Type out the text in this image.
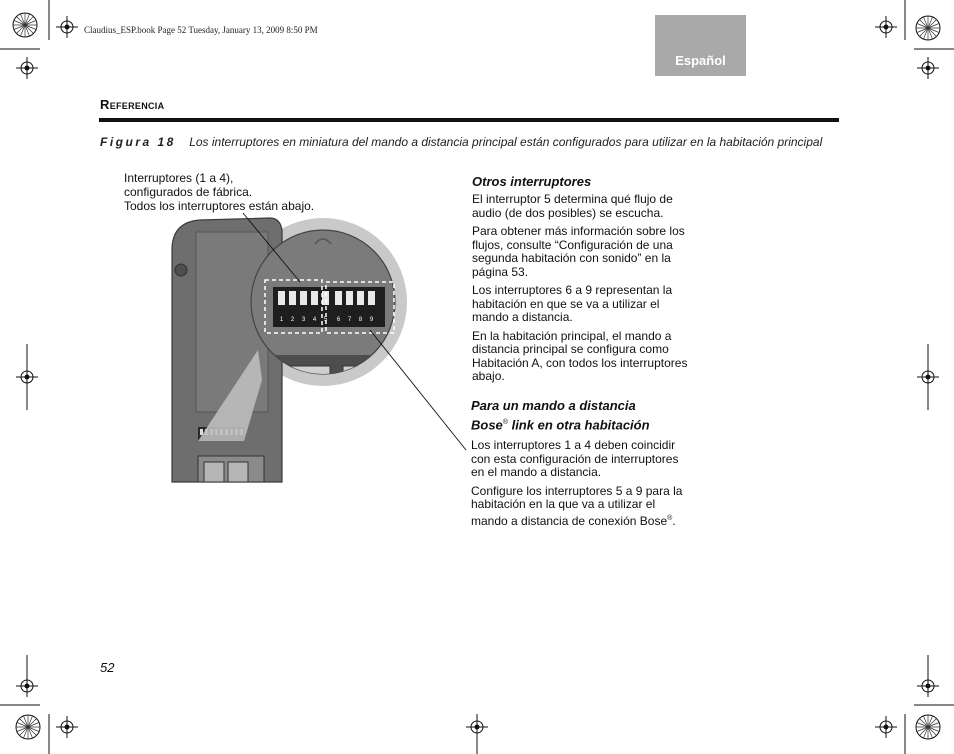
1 2 3 4 5 6 7 8 9
Claudius_ESP.book Page 52 Tuesday, January 13, 2009 8:50 PM
Español
Referencia
Figura 18 Los interruptores en miniatura del mando a distancia principal están configurados para utilizar en la habitación principal
Interruptores (1 a 4),
configurados de fábrica.
Todos los interruptores están abajo.
Otros interruptores

El interruptor 5 determina qué flujo de audio (de dos posibles) se escucha.

Para obtener más información sobre los flujos, consulte “Configuración de una segunda habitación con sonido” en la página 53.

Los interruptores 6 a 9 representan la habitación en que se va a utilizar el mando a distancia.

En la habitación principal, el mando a distancia principal se configura como Habitación A, con todos los interruptores abajo.

Para un mando a distancia
Bose® link en otra habitación

Los interruptores 1 a 4 deben coincidir con esta configuración de interruptores en el mando a distancia.

Configure los interruptores 5 a 9 para la habitación en la que va a utilizar el mando a distancia de conexión Bose®.

52
